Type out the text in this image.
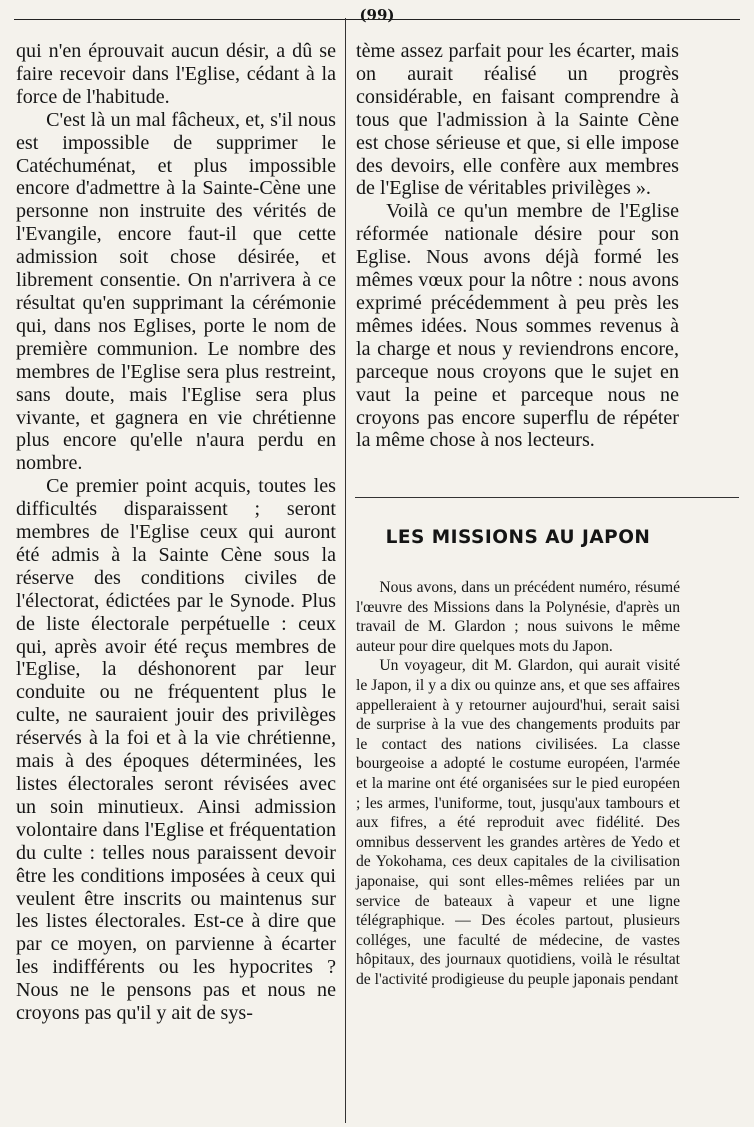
(99)

qui n'en éprouvait aucun désir, a dû se faire recevoir dans l'Eglise, cédant à la force de l'habitude.

C'est là un mal fâcheux, et, s'il nous est impossible de supprimer le Catéchuménat, et plus impossible encore d'admettre à la Sainte-Cène une personne non instruite des vérités de l'Evangile, encore faut-il que cette admission soit chose désirée, et librement consentie. On n'arrivera à ce résultat qu'en supprimant la cérémonie qui, dans nos Eglises, porte le nom de première communion. Le nombre des membres de l'Eglise sera plus restreint, sans doute, mais l'Eglise sera plus vivante, et gagnera en vie chrétienne plus encore qu'elle n'aura perdu en nombre.

Ce premier point acquis, toutes les difficultés disparaissent ; seront membres de l'Eglise ceux qui auront été admis à la Sainte Cène sous la réserve des conditions civiles de l'électorat, édictées par le Synode. Plus de liste électorale perpétuelle : ceux qui, après avoir été reçus membres de l'Eglise, la déshonorent par leur conduite ou ne fréquentent plus le culte, ne sauraient jouir des privilèges réservés à la foi et à la vie chrétienne, mais à des époques déterminées, les listes électorales seront révisées avec un soin minutieux. Ainsi admission volontaire dans l'Eglise et fréquentation du culte : telles nous paraissent devoir être les conditions imposées à ceux qui veulent être inscrits ou maintenus sur les listes électorales. Est-ce à dire que par ce moyen, on parvienne à écarter les indifférents ou les hypocrites ? Nous ne le pensons pas et nous ne croyons pas qu'il y ait de sys-

tème assez parfait pour les écarter, mais on aurait réalisé un progrès considérable, en faisant comprendre à tous que l'admission à la Sainte Cène est chose sérieuse et que, si elle impose des devoirs, elle confère aux membres de l'Eglise de véritables privilèges ».

Voilà ce qu'un membre de l'Eglise réformée nationale désire pour son Eglise. Nous avons déjà formé les mêmes vœux pour la nôtre : nous avons exprimé précédemment à peu près les mêmes idées. Nous sommes revenus à la charge et nous y reviendrons encore, parceque nous croyons que le sujet en vaut la peine et parceque nous ne croyons pas encore superflu de répéter la même chose à nos lecteurs.

LES MISSIONS AU JAPON

Nous avons, dans un précédent numéro, résumé l'œuvre des Missions dans la Polynésie, d'après un travail de M. Glardon ; nous suivons le même auteur pour dire quelques mots du Japon.

Un voyageur, dit M. Glardon, qui aurait visité le Japon, il y a dix ou quinze ans, et que ses affaires appelleraient à y retourner aujourd'hui, serait saisi de surprise à la vue des changements produits par le contact des nations civilisées. La classe bourgeoise a adopté le costume européen, l'armée et la marine ont été organisées sur le pied européen ; les armes, l'uniforme, tout, jusqu'aux tambours et aux fifres, a été reproduit avec fidélité. Des omnibus desservent les grandes artères de Yedo et de Yokohama, ces deux capitales de la civilisation japonaise, qui sont elles-mêmes reliées par un service de bateaux à vapeur et une ligne télégraphique. — Des écoles partout, plusieurs colléges, une faculté de médecine, de vastes hôpitaux, des journaux quotidiens, voilà le résultat de l'activité prodigieuse du peuple japonais pendant
